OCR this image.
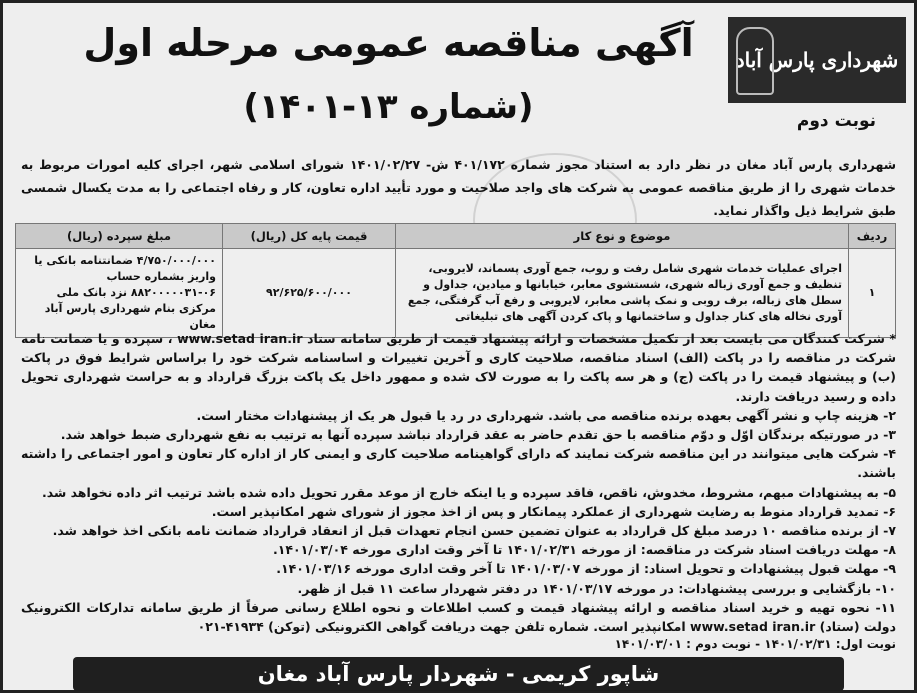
شهرداری پارس آباد
نوبت دوم
آگهی مناقصه عمومی مرحله اول
(شماره ۱۳-۱۴۰۱)
شهرداری پارس آباد مغان در نظر دارد به استناد مجوز شماره ۴۰۱/۱۷۲ ش- ۱۴۰۱/۰۲/۲۷ شورای اسلامی شهر، اجرای کلیه امورات مربوط به خدمات شهری را از طریق مناقصه عمومی به شرکت های واجد صلاحیت و مورد تأیید اداره تعاون، کار و رفاه اجتماعی را به مدت یکسال شمسی طبق شرایط ذیل واگذار نماید.
ردیف	موضوع و نوع کار	قیمت پایه کل (ریال)	مبلغ سپرده (ریال)
۱	اجرای عملیات خدمات شهری شامل رفت و روب، جمع آوری پسماند، لایروبی، تنظیف و جمع آوری زباله شهری، شستشوی معابر، خیابانها و میادین، جداول و سطل های زباله، برف روبی و نمک پاشی معابر، لایروبی و رفع آب گرفتگی، جمع آوری نخاله های کنار جداول و ساختمانها و پاک کردن آگهی های تبلیغاتی	۹۲/۶۲۵/۶۰۰/۰۰۰	۴/۷۵۰/۰۰۰/۰۰۰ ضمانتنامه بانکی یا واریز بشماره حساب ۰۶-۸۸۲۰۰۰۰۰۳۱ نزد بانک ملی مرکزی بنام شهرداری پارس آباد مغان

* شرکت کنندگان می بایست بعد از تکمیل مشخصات و ارائه پیشنهاد قیمت از طریق سامانه ستاد www.setad iran.ir ، سپرده و یا ضمانت نامه شرکت در مناقصه را در پاکت (الف) اسناد مناقصه، صلاحیت کاری و آخرین تغییرات و اساسنامه شرکت خود را براساس شرایط فوق در پاکت (ب) و پیشنهاد قیمت را در پاکت (ج) و هر سه پاکت را به صورت لاک شده و ممهور داخل یک پاکت بزرگ قرارداد و به حراست شهرداری تحویل داده و رسید دریافت دارند.

۲- هزینه چاپ و نشر آگهی بعهده برنده مناقصه می باشد. شهرداری در رد یا قبول هر یک از پیشنهادات مختار است.

۳- در صورتیکه برندگان اوّل و دوّم مناقصه با حق تقدم حاضر به عقد قرارداد نباشد سپرده آنها به ترتیب به نفع شهرداری ضبط خواهد شد.

۴- شرکت هایی میتوانند در این مناقصه شرکت نمایند که دارای گواهینامه صلاحیت کاری و ایمنی کار از اداره کار تعاون و امور اجتماعی را داشته باشند.

۵- به پیشنهادات مبهم، مشروط، مخدوش، ناقص، فاقد سپرده و یا اینکه خارج از موعد مقرر تحویل داده شده باشد ترتیب اثر داده نخواهد شد.

۶- تمدید قرارداد منوط به رضایت شهرداری از عملکرد پیمانکار و پس از اخذ مجوز از شورای شهر امکانپذیر است.

۷- از برنده مناقصه ۱۰ درصد مبلغ کل قرارداد به عنوان تضمین حسن انجام تعهدات قبل از انعقاد قرارداد ضمانت نامه بانکی اخذ خواهد شد.

۸- مهلت دریافت اسناد شرکت در مناقصه: از مورخه ۱۴۰۱/۰۲/۳۱ تا آخر وقت اداری مورخه ۱۴۰۱/۰۳/۰۴.

۹- مهلت قبول پیشنهادات و تحویل اسناد: از مورخه ۱۴۰۱/۰۳/۰۷ تا آخر وقت اداری مورخه ۱۴۰۱/۰۳/۱۶.

۱۰- بازگشایی و بررسی پیشنهادات: در مورخه ۱۴۰۱/۰۳/۱۷ در دفتر شهردار ساعت ۱۱ قبل از ظهر.

۱۱- نحوه تهیه و خرید اسناد مناقصه و ارائه پیشنهاد قیمت و کسب اطلاعات و نحوه اطلاع رسانی صرفاً از طریق سامانه تدارکات الکترونیک دولت (ستاد) www.setad iran.ir امکانپذیر است. شماره تلفن جهت دریافت گواهی الکترونیکی (توکن) ۴۱۹۳۴-۰۲۱

نوبت اول: ۱۴۰۱/۰۲/۳۱ - نوبت دوم : ۱۴۰۱/۰۳/۰۱
شاپور کریمی - شهردار پارس آباد مغان
